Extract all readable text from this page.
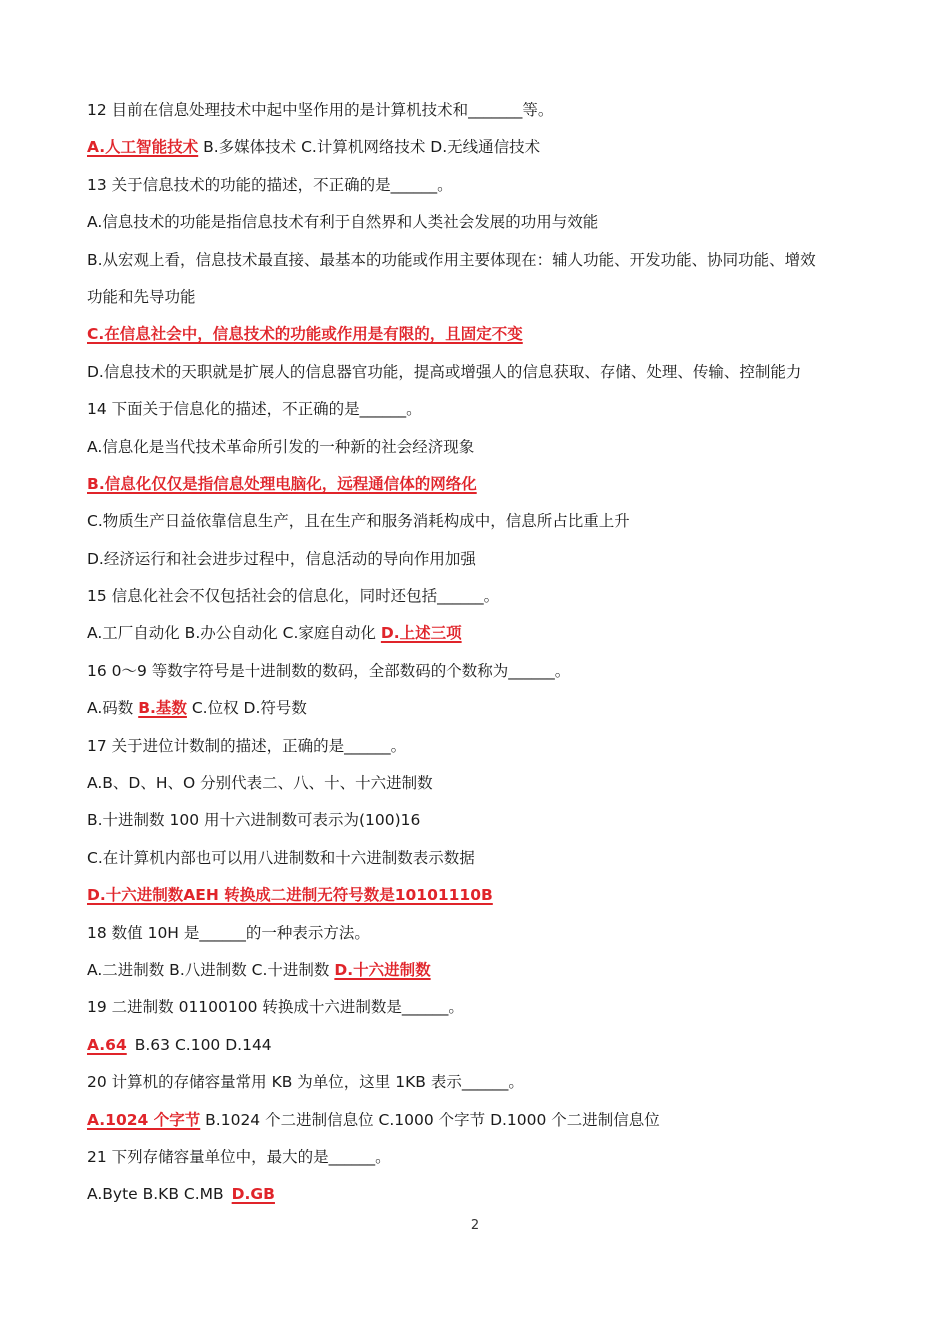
12 目前在信息处理技术中起中坚作用的是计算机技术和_______等。
A.人工智能技术 B.多媒体技术 C.计算机网络技术 D.无线通信技术
13 关于信息技术的功能的描述，不正确的是______。
A.信息技术的功能是指信息技术有利于自然界和人类社会发展的功用与效能
B.从宏观上看，信息技术最直接、最基本的功能或作用主要体现在：辅人功能、开发功能、协同功能、增效
功能和先导功能
C.在信息社会中，信息技术的功能或作用是有限的，且固定不变
D.信息技术的天职就是扩展人的信息器官功能，提高或增强人的信息获取、存储、处理、传输、控制能力
14 下面关于信息化的描述，不正确的是______。
A.信息化是当代技术革命所引发的一种新的社会经济现象
B.信息化仅仅是指信息处理电脑化，远程通信体的网络化
C.物质生产日益依靠信息生产，且在生产和服务消耗构成中，信息所占比重上升
D.经济运行和社会进步过程中，信息活动的导向作用加强
15 信息化社会不仅包括社会的信息化，同时还包括______。
A.工厂自动化 B.办公自动化 C.家庭自动化 D.上述三项
16 0～9 等数字符号是十进制数的数码，全部数码的个数称为______。
A.码数 B.基数 C.位权 D.符号数
17 关于进位计数制的描述，正确的是______。
A.B、D、H、O 分别代表二、八、十、十六进制数
B.十进制数 100 用十六进制数可表示为(100)16
C.在计算机内部也可以用八进制数和十六进制数表示数据
D.十六进制数AEH 转换成二进制无符号数是10101110B
18 数值 10H 是______的一种表示方法。
A.二进制数 B.八进制数 C.十进制数 D.十六进制数
19 二进制数 01100100 转换成十六进制数是______。
A.64 B.63 C.100 D.144
20 计算机的存储容量常用 KB 为单位，这里 1KB 表示______。
A.1024 个字节 B.1024 个二进制信息位 C.1000 个字节 D.1000 个二进制信息位
21 下列存储容量单位中，最大的是______。
A.Byte B.KB C.MB D.GB
2
